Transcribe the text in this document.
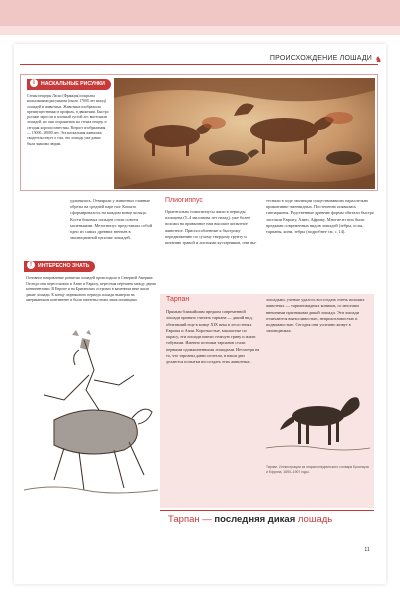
ПРОИСХОЖДЕНИЕ ЛОШАДИ ♞
i НАСКАЛЬНЫЕ РИСУНКИ
Стены пещеры Ласко (Франция) покрыты наскальными рисунками (около 17000 лет назад) лошадей и животных. Животных изображали преимущественно в профиль, в движении. Быстро росшие заросли и плотный густой лес вытеснили лошадей, но они сохранились на стенах пещер, и сегодня хорошо известны. Возраст изображения — 15000–18000 лет. Эта наскальная живопись свидетельствует о том, что лошадь уже давно была знакома людям.
удлинялась. Отмирали у животных главные обрезы на средней паре ног. Копыто сформировалось на каждом конце кольца. Кости боковых пальцев стали совсем маленькими. Мезогиппус представлял собой одно из самых древних звеньев в эволюционной цепочке лошадей.
Плиогиппус
Ориентально плиогиппусы жили в периоды плиоцена (5–4 миллиона лет назад), уже более похожи на привычное нам высокое копытное животное. Приспособленные к быстрому передвижению по сухому твердому грунту и питанию травой и листьями кустарников, они вы-
тесняли в ходе эволюции существовавших параллельно примитивно-змеевидных. Постепенно появились гиппарионы. Родственные древние формы обитали быстро заселяли Европу, Азию, Африку. Многие из них были предками современных видов лошадей (зебры, ослы, тарпаны, кони, зебры (подробнее см. с. 14).
! ИНТЕРЕСНО ЗНАТЬ
Основное направление развития лошадей происходило в Северной Америке. Отсюда они переселялись в Азию и Европу, пересекая перешеек между двумя континентами. В Европе и на Британских островах в каменном веке жили дикие лошади. К концу ледникового периода лошади вымерли на американском континенте и были завезены снова лишь испанцами.	Тарпан
Прямым ближайшим предком современной лошади принято считать тарпана — дикий вид, обитавший еще в конце XIX века в лесостепях Европы и Азии. Короткостые, мышастые по окрасу, эти лошади имели стоячую гриву и жили табунами. Именно потомки тарпанов стали первыми одомашненными лошадьми. Несмотря на то, что тарпаны давно исчезли, в наши дни делаются попытки воссоздать этих животных.
лошадьми, ученые удалось воссоздать очень похожих животных — тарпановидных коников, со многими внешними признаками дикой лошади. Эти лошади отличаются выносливостью, неприхотливостью и подвижностью. Сегодня они успешно живут в заповедниках.
Тарпан. Иллюстрация из энциклопедического словаря Брокгауза и Ефрона, 1890–1907 годы.
Тарпан — последняя дикая лошадь
11
